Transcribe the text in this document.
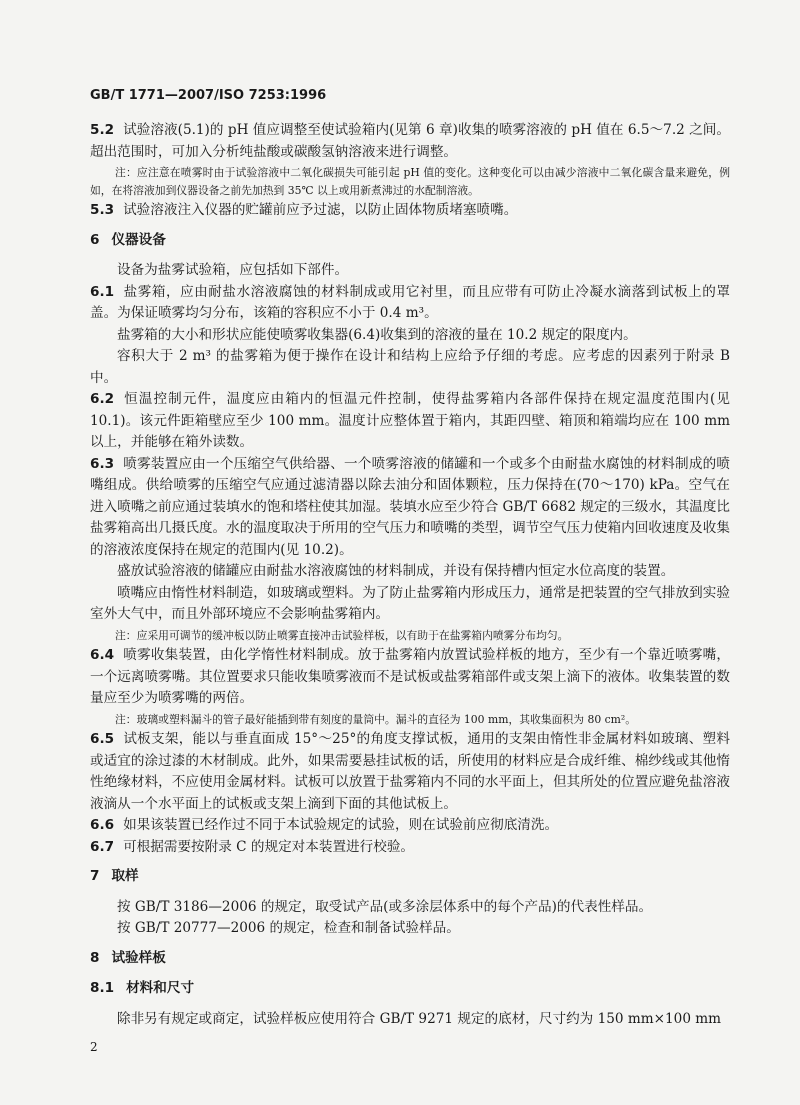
GB/T 1771—2007/ISO 7253:1996
5.2 试验溶液(5.1)的 pH 值应调整至使试验箱内(见第 6 章)收集的喷雾溶液的 pH 值在 6.5～7.2 之间。超出范围时，可加入分析纯盐酸或碳酸氢钠溶液来进行调整。
注：应注意在喷雾时由于试验溶液中二氧化碳损失可能引起 pH 值的变化。这种变化可以由减少溶液中二氧化碳含量来避免，例如，在将溶液加到仪器设备之前先加热到 35℃ 以上或用新煮沸过的水配制溶液。
5.3 试验溶液注入仪器的贮罐前应予过滤，以防止固体物质堵塞喷嘴。
6 仪器设备
设备为盐雾试验箱，应包括如下部件。
6.1 盐雾箱，应由耐盐水溶液腐蚀的材料制成或用它衬里，而且应带有可防止冷凝水滴落到试板上的罩盖。为保证喷雾均匀分布，该箱的容积应不小于 0.4 m³。
盐雾箱的大小和形状应能使喷雾收集器(6.4)收集到的溶液的量在 10.2 规定的限度内。
容积大于 2 m³ 的盐雾箱为便于操作在设计和结构上应给予仔细的考虑。应考虑的因素列于附录 B 中。
6.2 恒温控制元件，温度应由箱内的恒温元件控制，使得盐雾箱内各部件保持在规定温度范围内(见 10.1)。该元件距箱壁应至少 100 mm。温度计应整体置于箱内，其距四壁、箱顶和箱端均应在 100 mm 以上，并能够在箱外读数。
6.3 喷雾装置应由一个压缩空气供给器、一个喷雾溶液的储罐和一个或多个由耐盐水腐蚀的材料制成的喷嘴组成。供给喷雾的压缩空气应通过滤清器以除去油分和固体颗粒，压力保持在(70～170) kPa。空气在进入喷嘴之前应通过装填水的饱和塔柱使其加湿。装填水应至少符合 GB/T 6682 规定的三级水，其温度比盐雾箱高出几摄氏度。水的温度取决于所用的空气压力和喷嘴的类型，调节空气压力使箱内回收速度及收集的溶液浓度保持在规定的范围内(见 10.2)。
盛放试验溶液的储罐应由耐盐水溶液腐蚀的材料制成，并设有保持槽内恒定水位高度的装置。
喷嘴应由惰性材料制造，如玻璃或塑料。为了防止盐雾箱内形成压力，通常是把装置的空气排放到实验室外大气中，而且外部环境应不会影响盐雾箱内。
注：应采用可调节的缓冲板以防止喷雾直接冲击试验样板，以有助于在盐雾箱内喷雾分布均匀。
6.4 喷雾收集装置，由化学惰性材料制成。放于盐雾箱内放置试验样板的地方，至少有一个靠近喷雾嘴，一个远离喷雾嘴。其位置要求只能收集喷雾液而不是试板或盐雾箱部件或支架上滴下的液体。收集装置的数量应至少为喷雾嘴的两倍。
注：玻璃或塑料漏斗的管子最好能插到带有刻度的量筒中。漏斗的直径为 100 mm，其收集面积为 80 cm²。
6.5 试板支架，能以与垂直面成 15°～25°的角度支撑试板，通用的支架由惰性非金属材料如玻璃、塑料或适宜的涂过漆的木材制成。此外，如果需要悬挂试板的话，所使用的材料应是合成纤维、棉纱线或其他惰性绝缘材料，不应使用金属材料。试板可以放置于盐雾箱内不同的水平面上，但其所处的位置应避免盐溶液液滴从一个水平面上的试板或支架上滴到下面的其他试板上。
6.6 如果该装置已经作过不同于本试验规定的试验，则在试验前应彻底清洗。
6.7 可根据需要按附录 C 的规定对本装置进行校验。
7 取样
按 GB/T 3186—2006 的规定，取受试产品(或多涂层体系中的每个产品)的代表性样品。
按 GB/T 20777—2006 的规定，检查和制备试验样品。
8 试验样板
8.1 材料和尺寸
除非另有规定或商定，试验样板应使用符合 GB/T 9271 规定的底材，尺寸约为 150 mm×100 mm
2
